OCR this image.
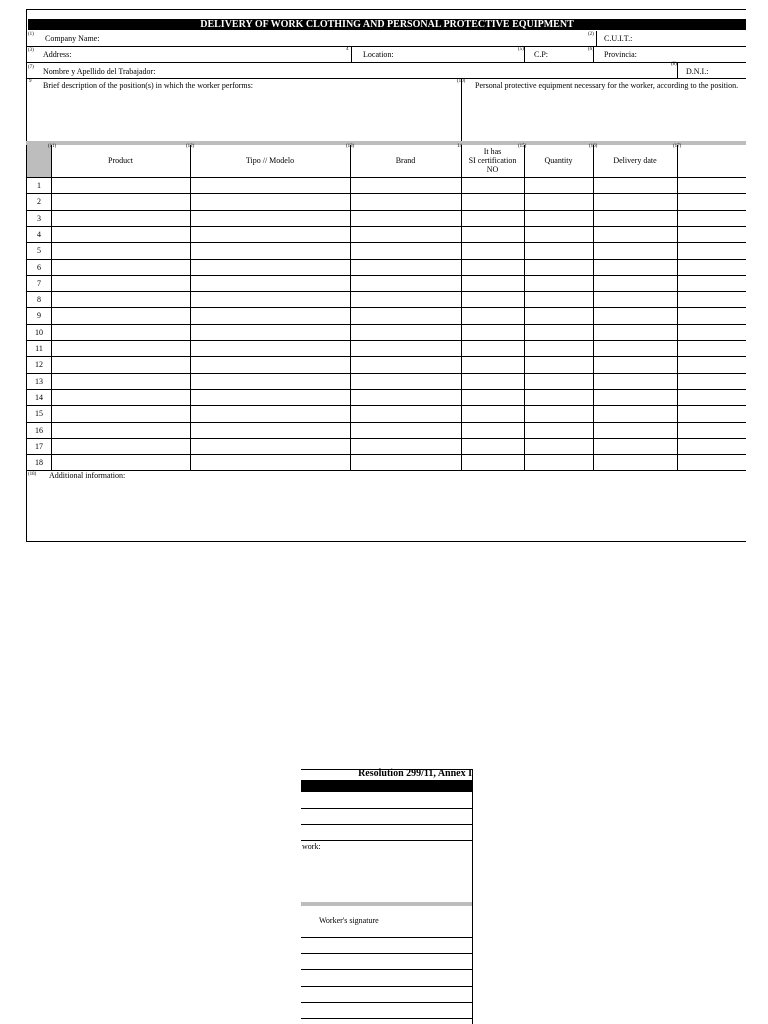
DELIVERY OF WORK CLOTHING AND PERSONAL PROTECTIVE EQUIPMENT
(1) Company Name:	(2) C.U.I.T.:
(3) Address:
4
Location:
(5)
C.P:
(6)
Provincia:
(7) Nombre y Apellido del Trabajador:
(8)
D.N.I.:
9 Brief description of the position(s) in which the worker performs:	(10) Personal protective equipment necessary for the worker, according to the position.
(11)
Product
(12)
Tipo // Modelo
(13)
Brand
14
It has
SI certification
NO
(15)
Quantity
(16)
Delivery date
(17)
1
2
3
4
5
6
7
8
9
10
11
12
13
14
15
16
17
18
(18) Additional information:
Resolution 299/11, Annex I
work:
Worker's signature
